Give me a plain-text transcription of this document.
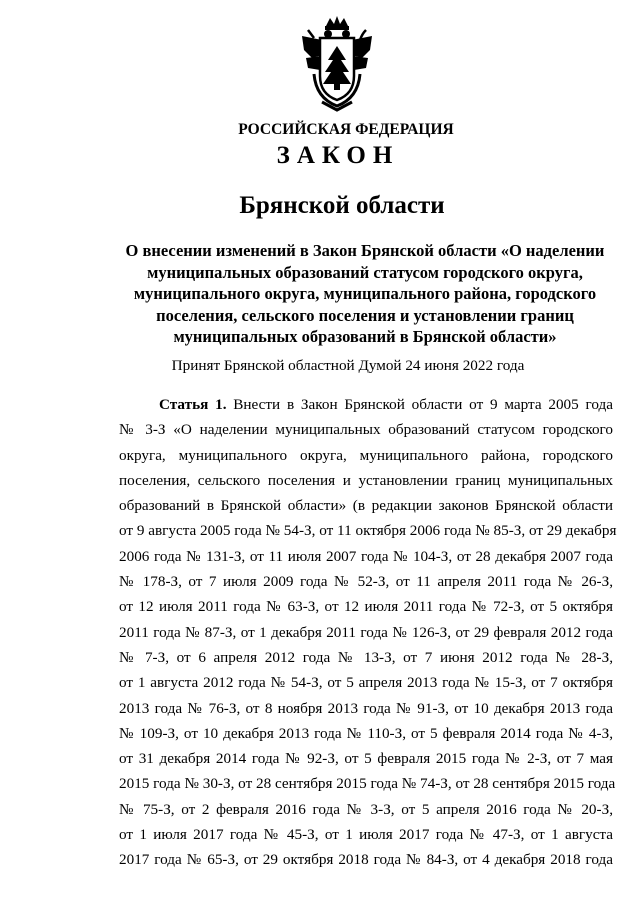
РОССИЙСКАЯ ФЕДЕРАЦИЯ
ЗАКОН
Брянской области
О внесении изменений в Закон Брянской области «О наделении
муниципальных образований статусом городского округа,
муниципального округа, муниципального района, городского
поселения, сельского поселения и установлении границ
муниципальных образований в Брянской области»
Принят Брянской областной Думой 24 июня 2022 года
Статья 1. Внести в Закон Брянской области от 9 марта 2005 года
№ 3-З «О наделении муниципальных образований статусом городского
округа, муниципального округа, муниципального района, городского
поселения, сельского поселения и установлении границ муниципальных
образований в Брянской области» (в редакции законов Брянской области
от 9 августа 2005 года № 54-З, от 11 октября 2006 года № 85-З, от 29 декабря
2006 года № 131-З, от 11 июля 2007 года № 104-З, от 28 декабря 2007 года
№ 178-З, от 7 июля 2009 года № 52-З, от 11 апреля 2011 года № 26-З,
от 12 июля 2011 года № 63-З, от 12 июля 2011 года № 72-З, от 5 октября
2011 года № 87-З, от 1 декабря 2011 года № 126-З, от 29 февраля 2012 года
№ 7-З, от 6 апреля 2012 года № 13-З, от 7 июня 2012 года № 28-З,
от 1 августа 2012 года № 54-З, от 5 апреля 2013 года № 15-З, от 7 октября
2013 года № 76-З, от 8 ноября 2013 года № 91-З, от 10 декабря 2013 года
№ 109-З, от 10 декабря 2013 года № 110-З, от 5 февраля 2014 года № 4-З,
от 31 декабря 2014 года № 92-З, от 5 февраля 2015 года № 2-З, от 7 мая
2015 года № 30-З, от 28 сентября 2015 года № 74-З, от 28 сентября 2015 года
№ 75-З, от 2 февраля 2016 года № 3-З, от 5 апреля 2016 года № 20-З,
от 1 июля 2017 года № 45-З, от 1 июля 2017 года № 47-З, от 1 августа
2017 года № 65-З, от 29 октября 2018 года № 84-З, от 4 декабря 2018 года
